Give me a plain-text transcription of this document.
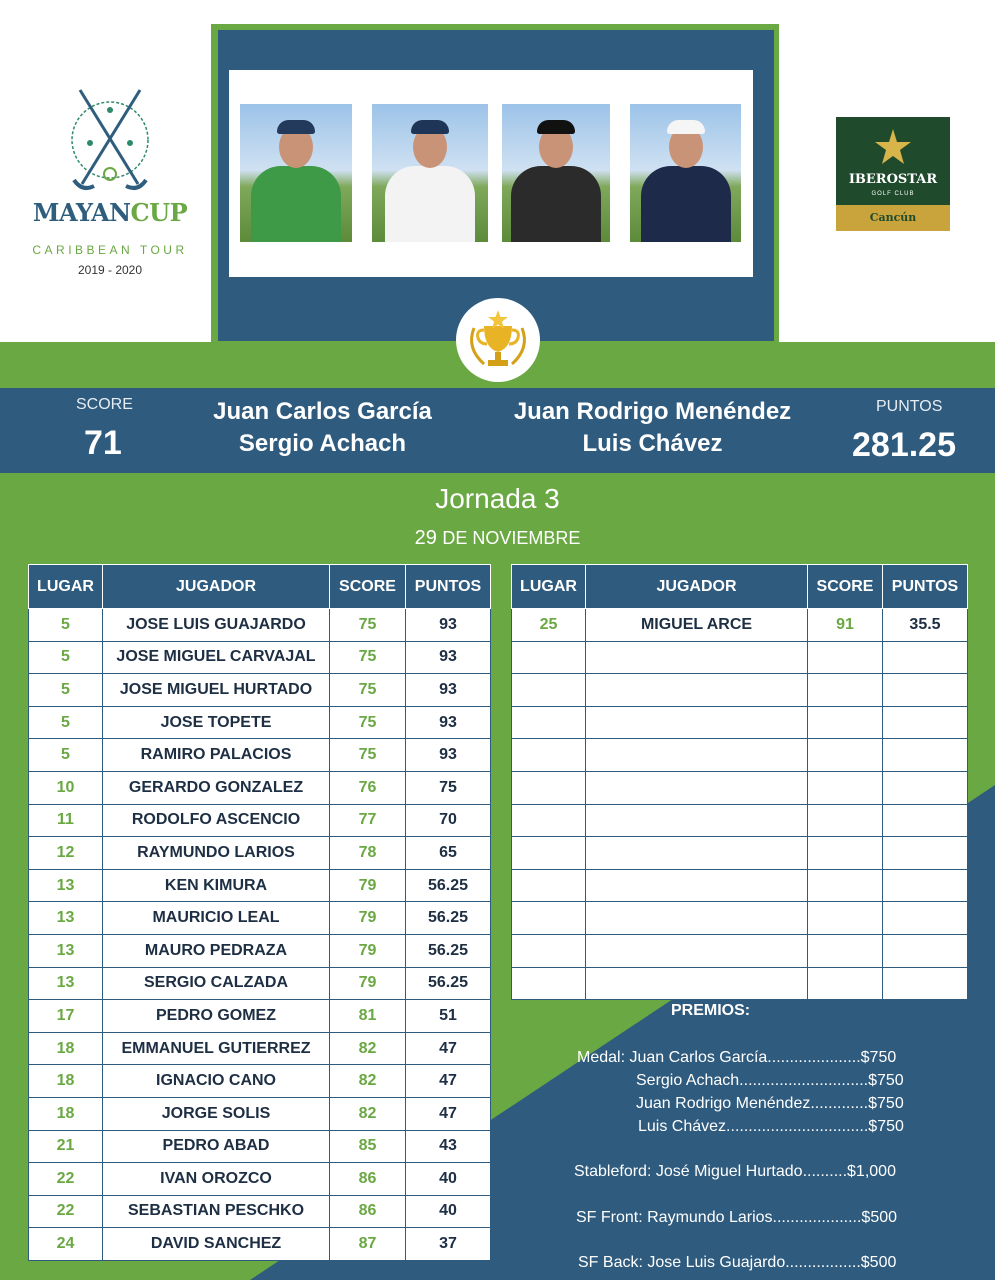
MAYANCUP
CARIBBEAN TOUR
2019 - 2020
IBEROSTAR
GOLF CLUB
Cancún
SCORE
71
Juan Carlos García
Sergio Achach
Juan Rodrigo Menéndez
Luis Chávez
PUNTOS
281.25
Jornada 3
29 DE NOVIEMBRE
LUGAR	JUGADOR	SCORE	PUNTOS
5	JOSE LUIS GUAJARDO	75	93
5	JOSE MIGUEL CARVAJAL	75	93
5	JOSE MIGUEL HURTADO	75	93
5	JOSE TOPETE	75	93
5	RAMIRO PALACIOS	75	93
10	GERARDO GONZALEZ	76	75
11	RODOLFO ASCENCIO	77	70
12	RAYMUNDO LARIOS	78	65
13	KEN KIMURA	79	56.25
13	MAURICIO LEAL	79	56.25
13	MAURO PEDRAZA	79	56.25
13	SERGIO CALZADA	79	56.25
17	PEDRO GOMEZ	81	51
18	EMMANUEL GUTIERREZ	82	47
18	IGNACIO CANO	82	47
18	JORGE SOLIS	82	47
21	PEDRO ABAD	85	43
22	IVAN OROZCO	86	40
22	SEBASTIAN PESCHKO	86	40
24	DAVID SANCHEZ	87	37
LUGAR	JUGADOR	SCORE	PUNTOS
25	MIGUEL ARCE	91	35.5

PREMIOS:
Medal: Juan Carlos García.....................$750
Sergio Achach.............................$750
Juan Rodrigo Menéndez.............$750
Luis Chávez................................$750
Stableford: José Miguel Hurtado..........$1,000
SF Front: Raymundo Larios....................$500
SF Back: Jose Luis Guajardo.................$500
